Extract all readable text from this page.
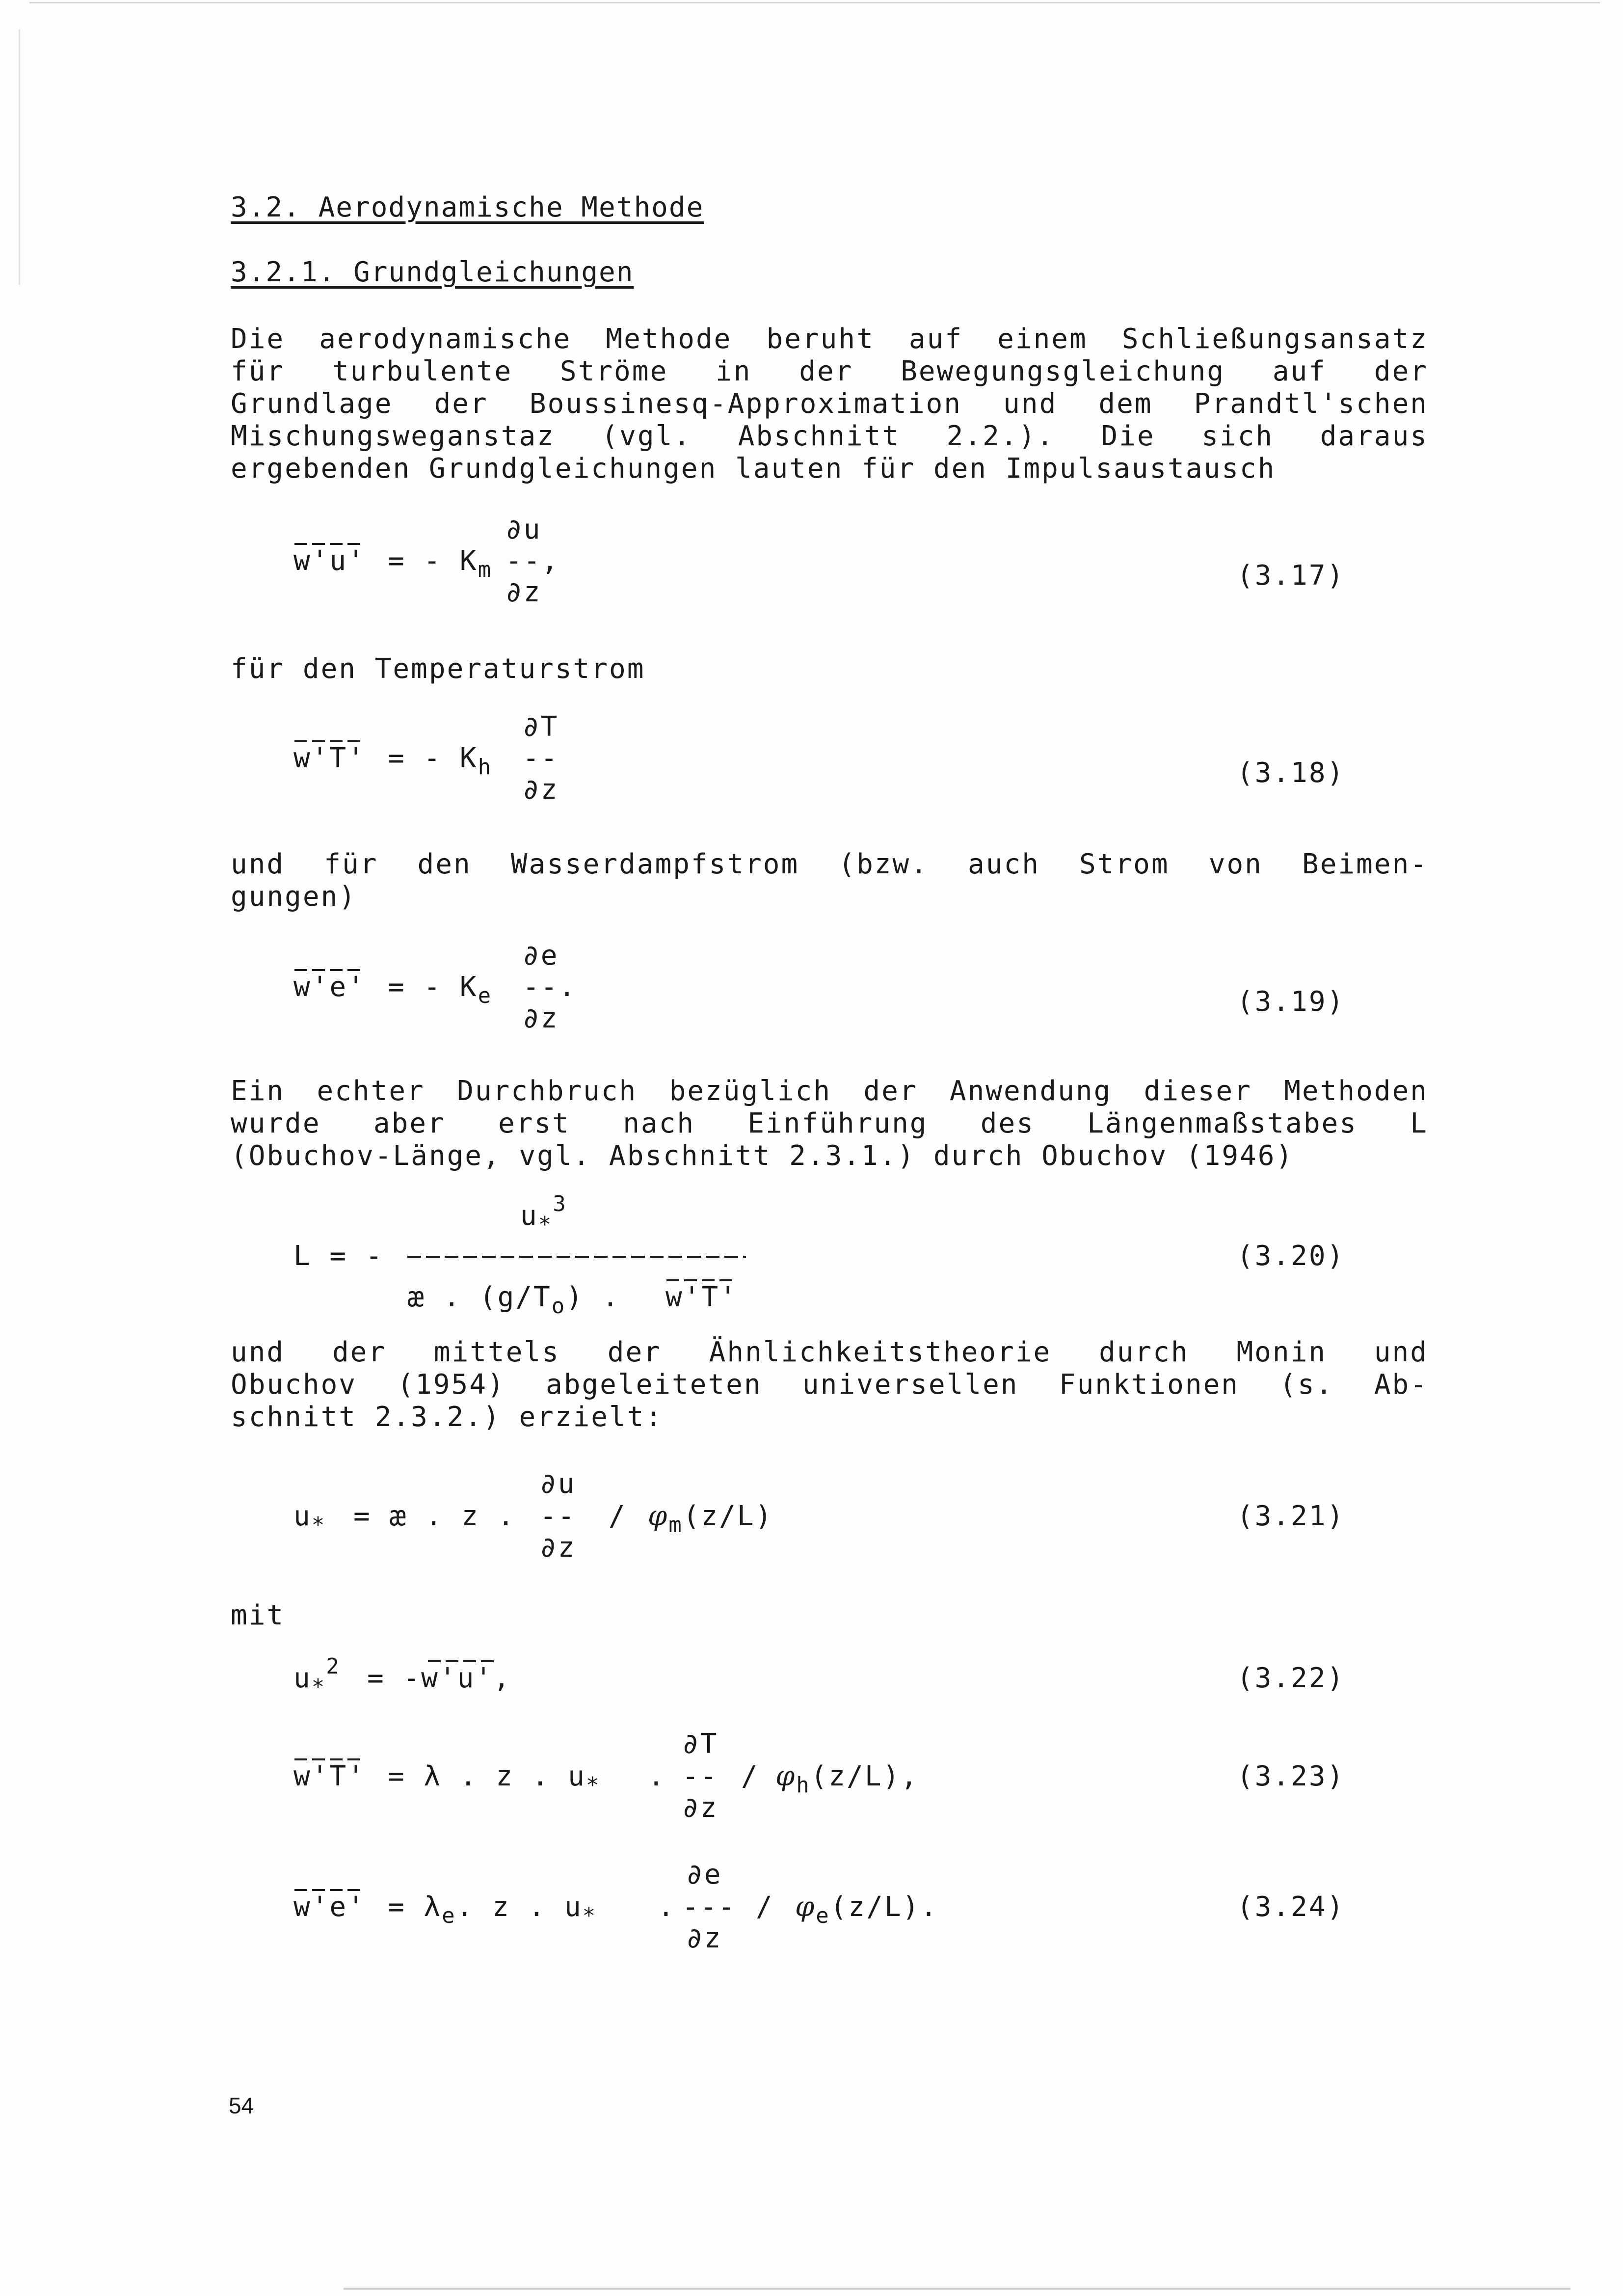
3.2. Aerodynamische Methode
3.2.1. Grundgleichungen
Die aerodynamische Methode beruht auf einem Schließungsansatz
für turbulente Ströme in der Bewegungsgleichung auf der
Grundlage der Boussinesq-Approximation und dem Prandtl'schen
Mischungsweganstaz (vgl. Abschnitt 2.2.). Die sich daraus
ergebenden Grundgleichungen lauten für den Impulsaustausch
w'u' = - $K_m$
∂u
--,
∂z
(3.17)
für den Temperaturstrom
w'T' = - $K_h$
∂T
--
∂z
(3.18)
und für den Wasserdampfstrom (bzw. auch Strom von Beimen-
gungen)
w'e' = - $K_e$
∂e
--.
∂z
(3.19)
Ein echter Durchbruch bezüglich der Anwendung dieser Methoden
wurde aber erst nach Einführung des Längenmaßstabes L
(Obuchov-Länge, vgl. Abschnitt 2.3.1.) durch Obuchov (1946)
$u_*^3$
L = -
æ . $(g/T_o)$ . w'T'
(3.20)
und der mittels der Ähnlichkeitstheorie durch Monin und
Obuchov (1954) abgeleiteten universellen Funktionen (s. Ab-
schnitt 2.3.2.) erzielt:
∂u
$u_*$ = æ . z . -- / $\varphi_m(z/L)$
∂z
(3.21)
mit
$u_*^2 = -w'u'$,	(3.22)
∂T
w'T' = λ . z . $u_*$ . -- / $\varphi_h(z/L)$,
∂z
(3.23)
∂e
$w'e' = \lambda_e$. z . $u_*$ . --- / $\varphi_e(z/L)$.
∂z
(3.24)
54
